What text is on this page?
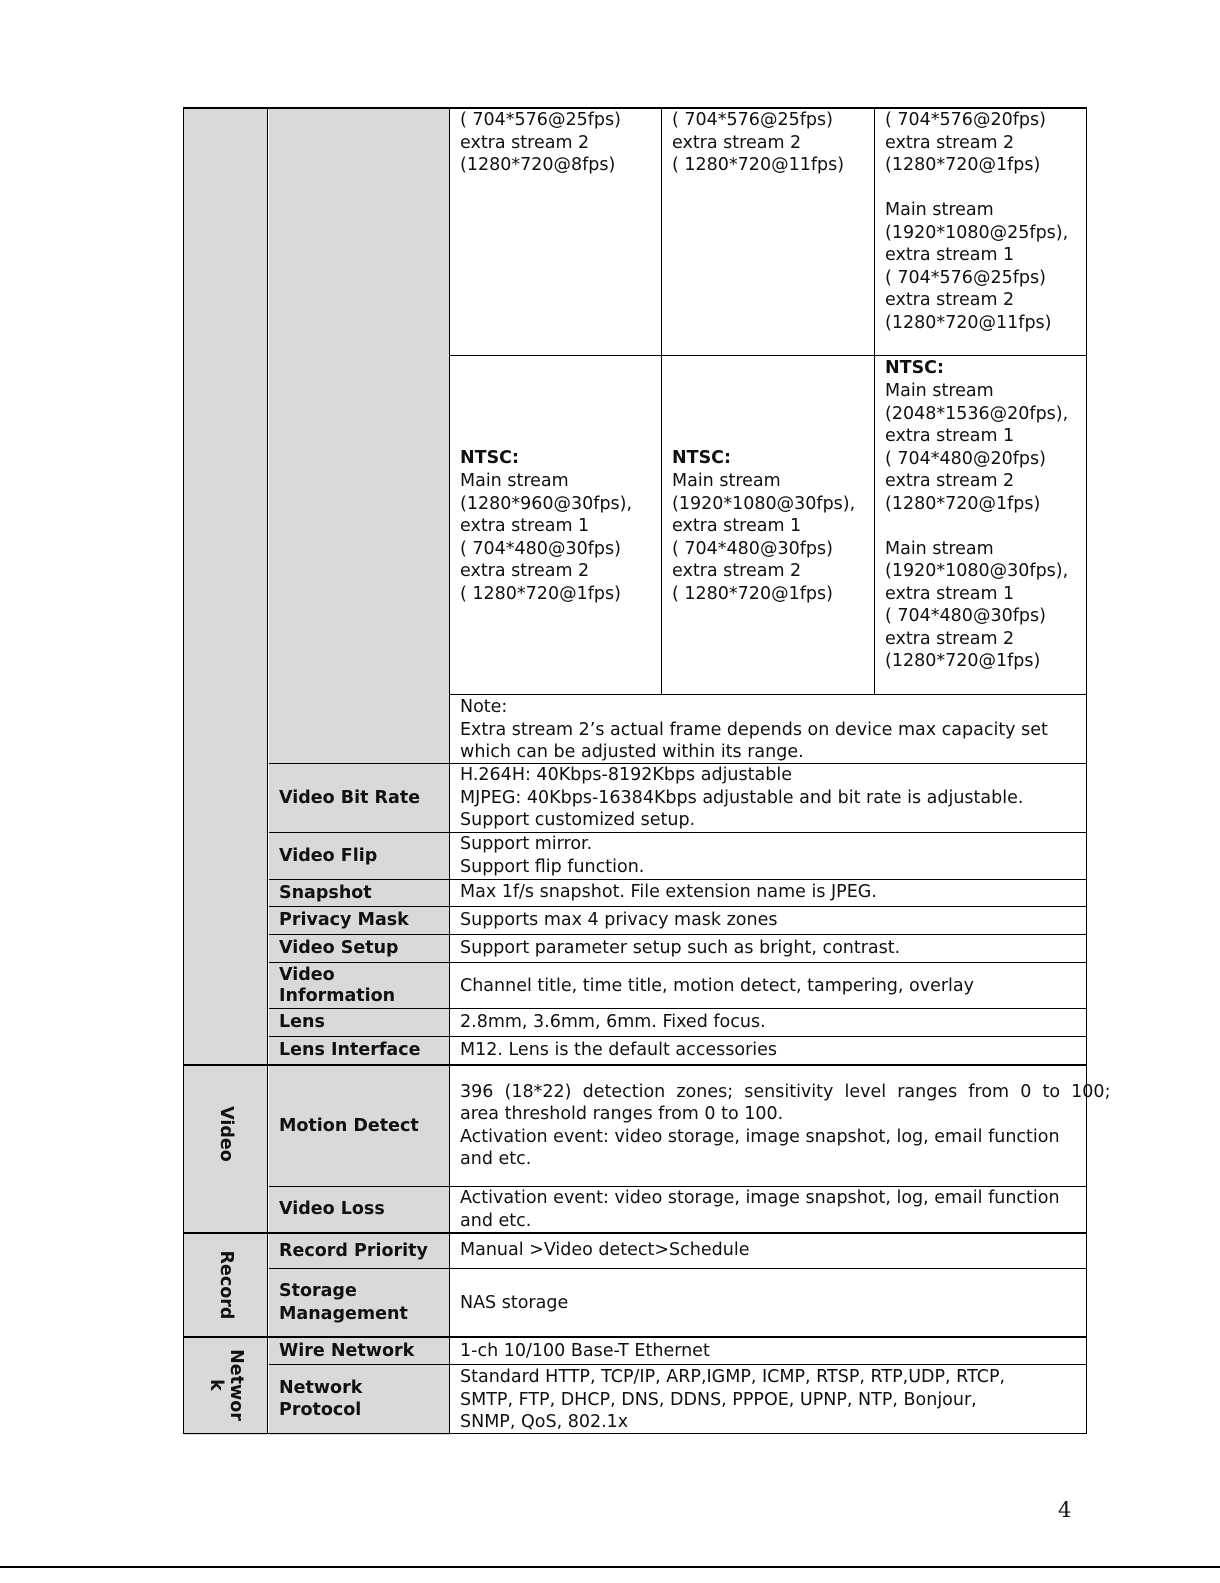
( 704*576@25fps)
extra stream 2
(1280*720@8fps)
( 704*576@25fps)
extra stream 2
( 1280*720@11fps)
( 704*576@20fps)
extra stream 2
(1280*720@1fps)

Main stream
(1920*1080@25fps),
extra stream 1
( 704*576@25fps)
extra stream 2
(1280*720@11fps)
NTSC:
Main stream
(1280*960@30fps),
extra stream 1
( 704*480@30fps)
extra stream 2
( 1280*720@1fps)
NTSC:
Main stream
(1920*1080@30fps),
extra stream 1
( 704*480@30fps)
extra stream 2
( 1280*720@1fps)
NTSC:
Main stream
(2048*1536@20fps),
extra stream 1
( 704*480@20fps)
extra stream 2
(1280*720@1fps)

Main stream
(1920*1080@30fps),
extra stream 1
( 704*480@30fps)
extra stream 2
(1280*720@1fps)
Note:
Extra stream 2’s actual frame depends on device max capacity set
which can be adjusted within its range.
Video Bit Rate
Video Flip
Snapshot
Privacy Mask
Video Setup
Video
Information
Lens
Lens Interface
Motion Detect
Video Loss
Record Priority
Storage
Management
Wire Network
Network Protocol
H.264H: 40Kbps-8192Kbps adjustable
MJPEG: 40Kbps-16384Kbps adjustable and bit rate is adjustable.
Support customized setup.
Support mirror.
Support flip function.
Max 1f/s snapshot. File extension name is JPEG.
Supports max 4 privacy mask zones
Support parameter setup such as bright, contrast.
Channel title, time title, motion detect, tampering, overlay
2.8mm, 3.6mm, 6mm. Fixed focus.
M12. Lens is the default accessories
396  (18*22)  detection  zones;  sensitivity  level  ranges  from  0  to  100;
area threshold ranges from 0 to 100.
Activation event: video storage, image snapshot, log, email function
and etc.
Activation event: video storage, image snapshot, log, email function
and etc.
Manual >Video detect>Schedule
NAS storage
1-ch 10/100 Base-T Ethernet
Standard HTTP, TCP/IP, ARP,IGMP, ICMP, RTSP, RTP,UDP, RTCP,
SMTP, FTP, DHCP, DNS, DDNS, PPPOE, UPNP, NTP, Bonjour,
SNMP, QoS, 802.1x
Video
Record
Networ
k
4
